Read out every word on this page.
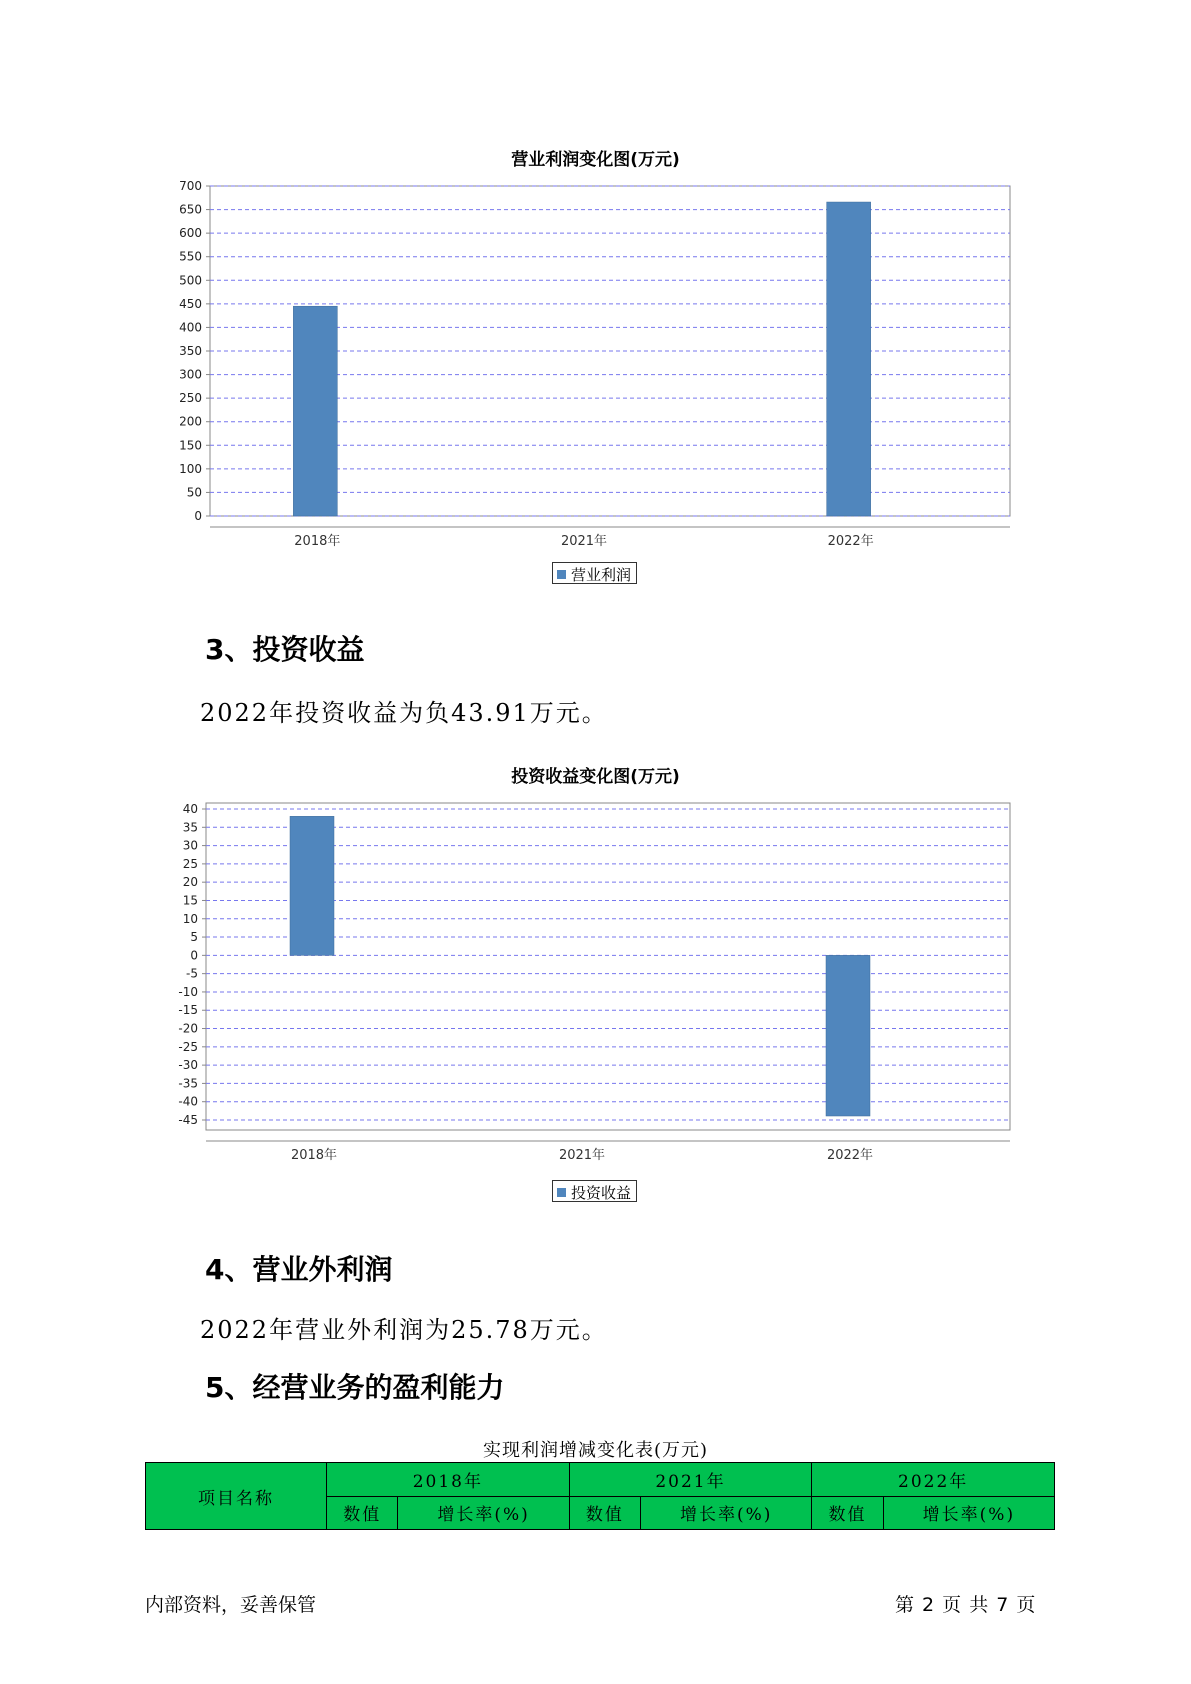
营业利润变化图(万元)
0
50
100
150
200
250
300
350
400
450
500
550
600
650
700
2018年	2021年	2022年
营业利润
3、投资收益
2022年投资收益为负43.91万元。
投资收益变化图(万元)
40
35
30
25
20
15
10
5
0
-5
-10
-15
-20
-25
-30
-35
-40
-45
2018年	2021年	2022年
投资收益
4、营业外利润
2022年营业外利润为25.78万元。
5、经营业务的盈利能力
实现利润增减变化表(万元)
项目名称	2018年		2021年		2022年	
	数值	增长率(%)	数值	增长率(%)	数值	增长率(%)
内部资料，妥善保管	第 2 页 共 7 页
